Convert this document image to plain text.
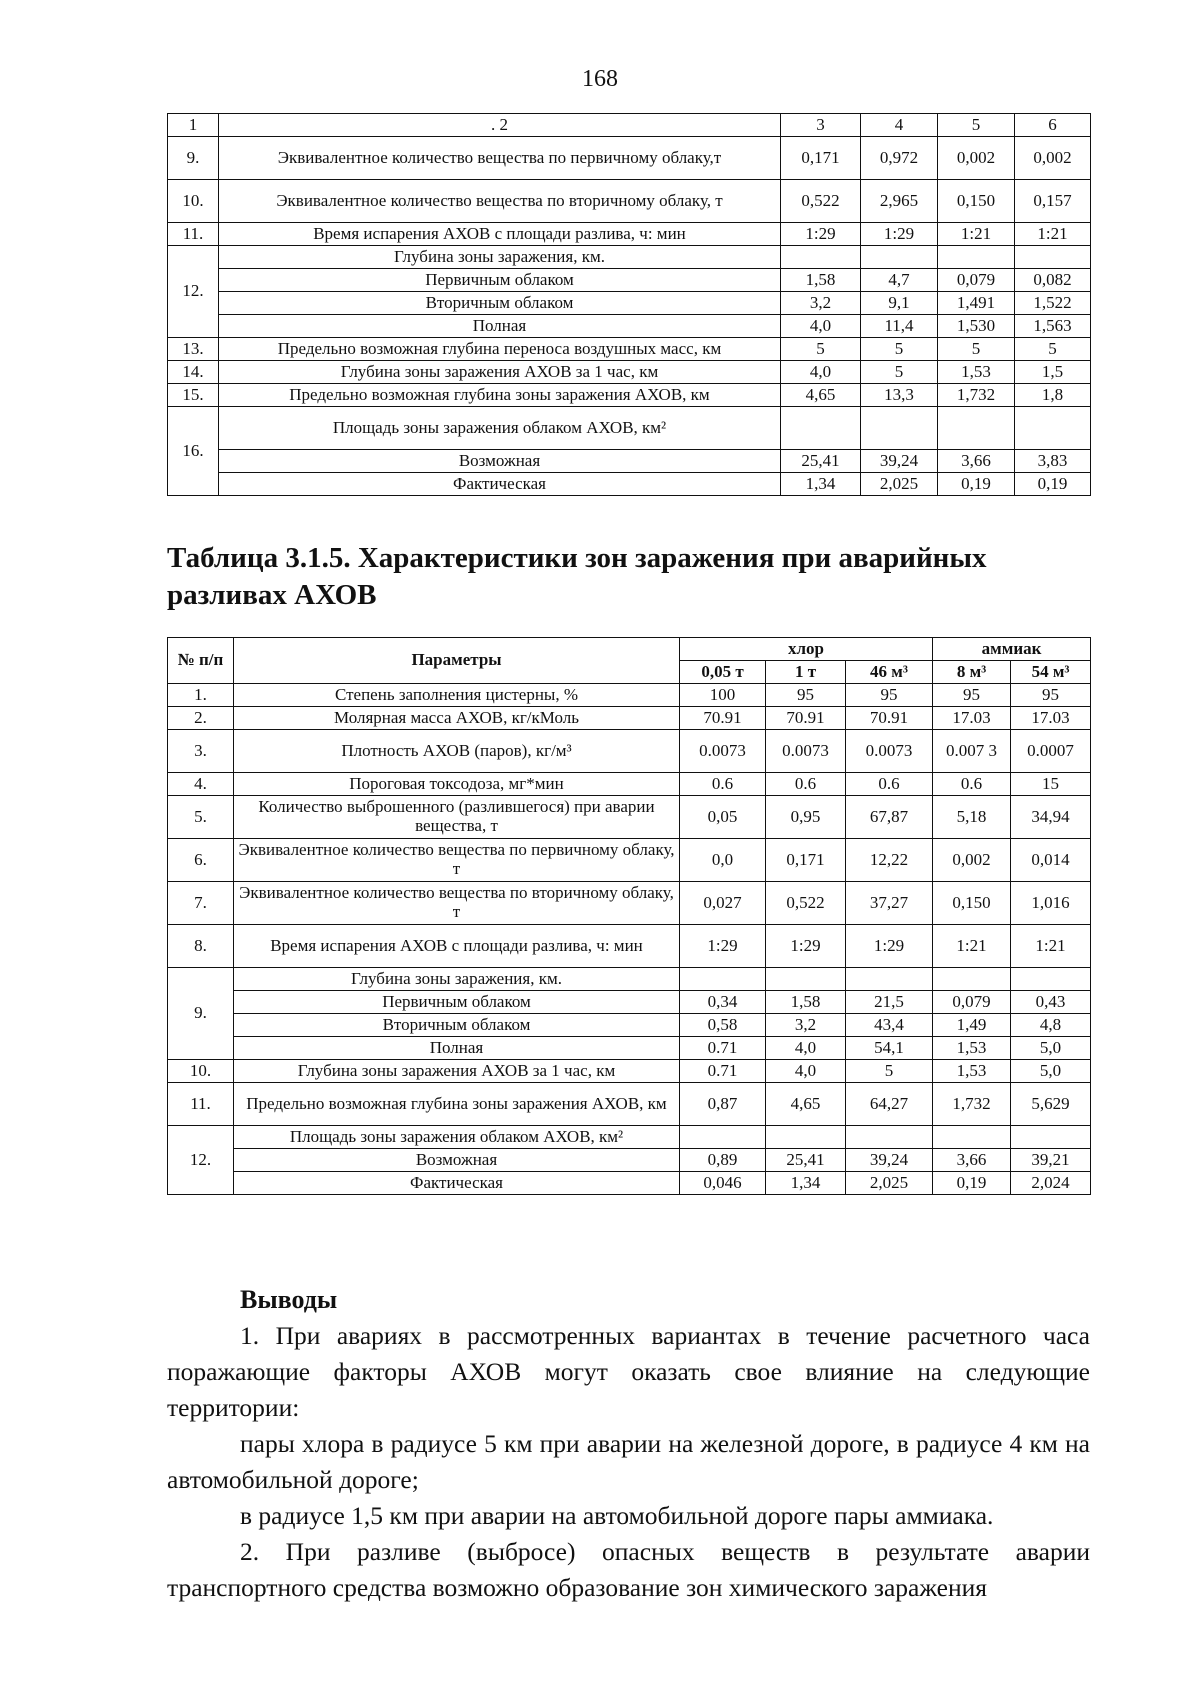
168
1	. 2	3	4	5	6
9.	Эквивалентное количество вещества по первичному облаку,т	0,171	0,972	0,002	0,002
10.	Эквивалентное количество вещества по вторичному облаку, т	0,522	2,965	0,150	0,157
11.	Время испарения АХОВ с площади разлива, ч: мин	1:29	1:29	1:21	1:21
12.	Глубина зоны заражения, км.				
	Первичным облаком	1,58	4,7	0,079	0,082
	Вторичным облаком	3,2	9,1	1,491	1,522
	Полная	4,0	11,4	1,530	1,563
13.	Предельно возможная глубина переноса воздушных масс, км	5	5	5	5
14.	Глубина зоны заражения АХОВ за 1 час, км	4,0	5	1,53	1,5
15.	Предельно возможная глубина зоны заражения АХОВ, км	4,65	13,3	1,732	1,8
16.	Площадь зоны заражения облаком АХОВ, км²				
	Возможная	25,41	39,24	3,66	3,83
	Фактическая	1,34	2,025	0,19	0,19
Таблица 3.1.5. Характеристики зон заражения при аварийных разливах АХОВ
№ п/п	Параметры	хлор			аммиак	
		0,05 т	1 т	46 м³	8 м³	54 м³
1.	Степень заполнения цистерны, %	100	95	95	95	95
2.	Молярная масса АХОВ, кг/кМоль	70.91	70.91	70.91	17.03	17.03
3.	Плотность АХОВ (паров), кг/м³	0.0073	0.0073	0.0073	0.007 3	0.0007
4.	Пороговая токсодоза, мг*мин	0.6	0.6	0.6	0.6	15
5.	Количество выброшенного (разлившегося) при аварии вещества, т	0,05	0,95	67,87	5,18	34,94
6.	Эквивалентное количество вещества по первичному облаку, т	0,0	0,171	12,22	0,002	0,014
7.	Эквивалентное количество вещества по вторичному облаку, т	0,027	0,522	37,27	0,150	1,016
8.	Время испарения АХОВ с площади разлива, ч: мин	1:29	1:29	1:29	1:21	1:21
9.	Глубина зоны заражения, км.					
	Первичным облаком	0,34	1,58	21,5	0,079	0,43
	Вторичным облаком	0,58	3,2	43,4	1,49	4,8
	Полная	0.71	4,0	54,1	1,53	5,0
10.	Глубина зоны заражения АХОВ за 1 час, км	0.71	4,0	5	1,53	5,0
11.	Предельно возможная глубина зоны заражения АХОВ, км	0,87	4,65	64,27	1,732	5,629
12.	Площадь зоны заражения облаком АХОВ, км²					
	Возможная	0,89	25,41	39,24	3,66	39,21
	Фактическая	0,046	1,34	2,025	0,19	2,024
Выводы

1. При авариях в рассмотренных вариантах в течение расчетного часа поражающие факторы АХОВ могут оказать свое влияние на следующие территории:

пары хлора в радиусе 5 км при аварии на железной дороге, в радиусе 4 км на автомобильной дороге;

в радиусе 1,5 км при аварии на автомобильной дороге пары аммиака.

2. При разливе (выбросе) опасных веществ в результате аварии транспортного средства возможно образование зон химического заражения
